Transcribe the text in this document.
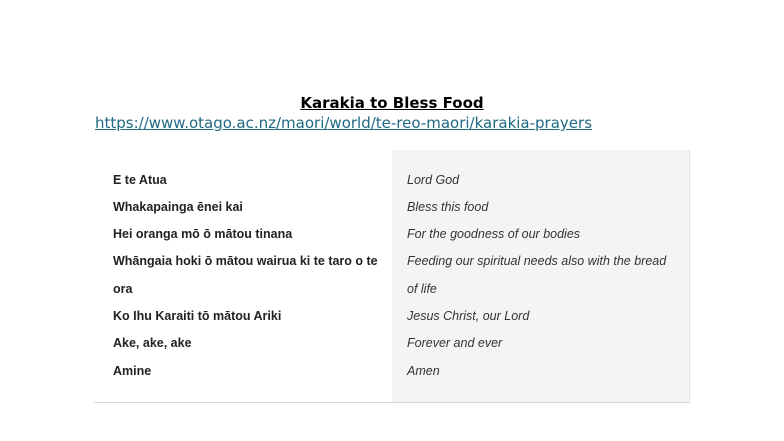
Karakia to Bless Food
https://www.otago.ac.nz/maori/world/te-reo-maori/karakia-prayers
E te Atua
Whakapainga ēnei kai
Hei oranga mō ō mātou tinana
Whāngaia hoki ō mātou wairua ki te taro o te
ora
Ko Ihu Karaiti tō mātou Ariki
Ake, ake, ake
Amine
Lord God
Bless this food
For the goodness of our bodies
Feeding our spiritual needs also with the bread
of life
Jesus Christ, our Lord
Forever and ever
Amen
